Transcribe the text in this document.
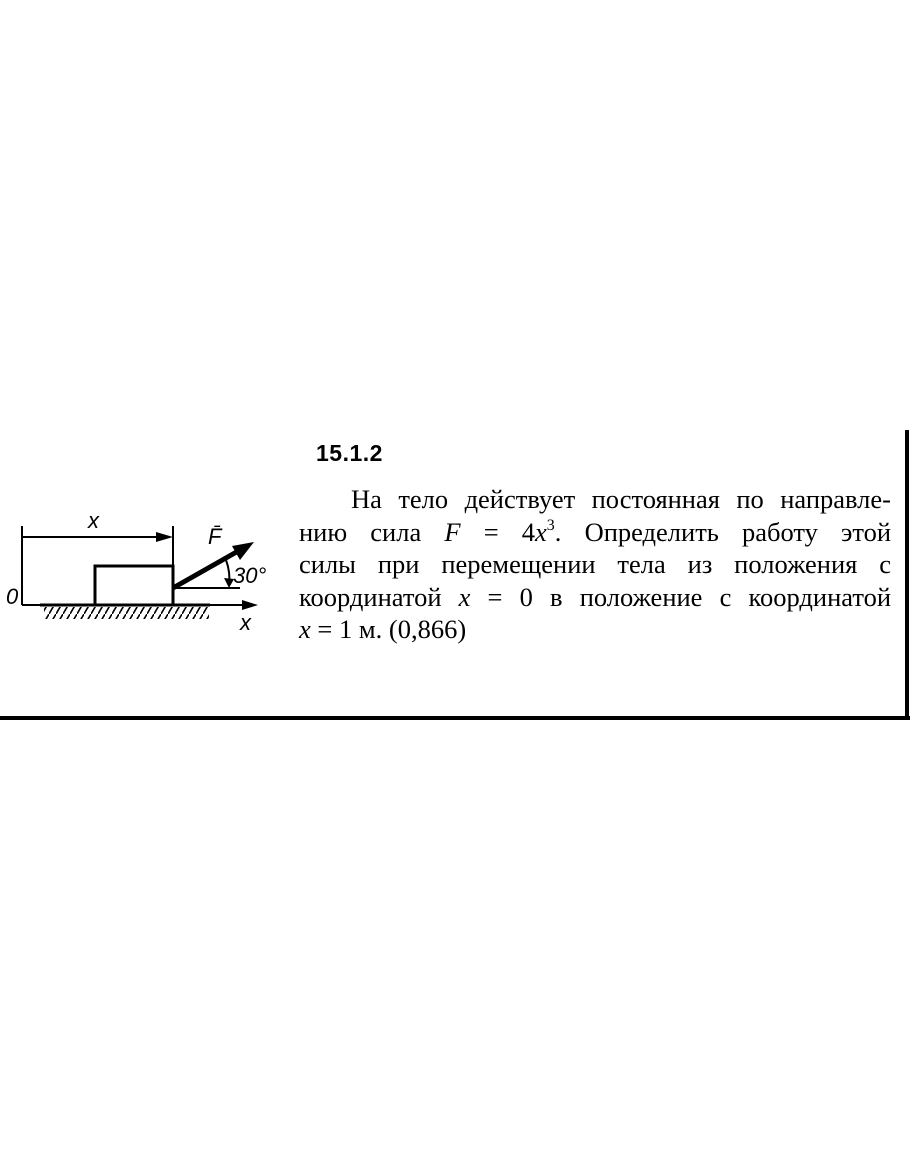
15.1.2
На тело действует постоянная по направле-
нию сила $F = 4x^3$. Определить работу этой
силы при перемещении тела из положения с
координатой x = 0 в положение с координатой
x = 1 м. (0,866)
x
F̄
30°
0
x
